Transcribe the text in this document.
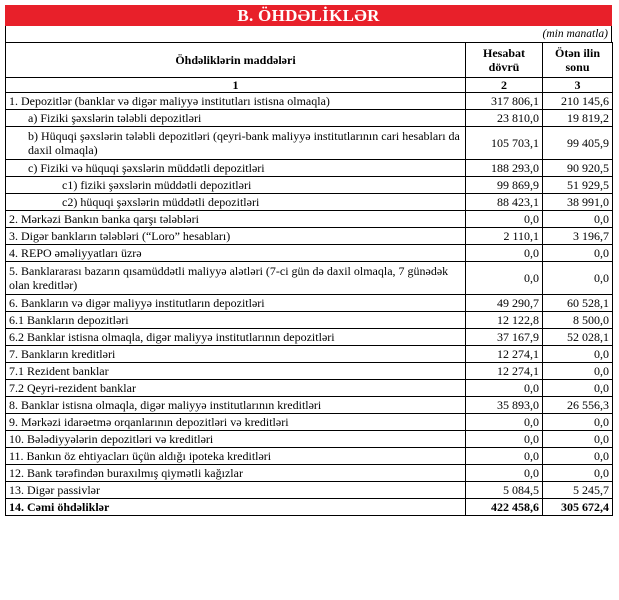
B. ÖHDƏLİKLƏR
(min manatla)
Öhdəliklərin maddələri	Hesabat dövrü	Ötən ilin sonu
1	2	3
1. Depozitlər (banklar və digər maliyyə institutları istisna olmaqla)	317 806,1	210 145,6
a) Fiziki şəxslərin tələbli depozitləri	23 810,0	19 819,2
b) Hüquqi şəxslərin tələbli depozitləri (qeyri-bank maliyyə institutlarının cari hesabları da daxil olmaqla)	105 703,1	99 405,9
c) Fiziki və hüquqi şəxslərin müddətli depozitləri	188 293,0	90 920,5
c1) fiziki şəxslərin müddətli depozitləri	99 869,9	51 929,5
c2) hüquqi şəxslərin müddətli depozitləri	88 423,1	38 991,0
2. Mərkəzi Bankın banka qarşı tələbləri	0,0	0,0
3. Digər bankların tələbləri (“Loro” hesabları)	2 110,1	3 196,7
4. REPO əməliyyatları üzrə	0,0	0,0
5. Banklararası bazarın qısamüddətli maliyyə alətləri (7-ci gün də daxil olmaqla, 7 günədək olan kreditlər)	0,0	0,0
6. Bankların və digər maliyyə institutların depozitləri	49 290,7	60 528,1
6.1 Bankların depozitləri	12 122,8	8 500,0
6.2 Banklar istisna olmaqla, digər maliyyə institutlarının depozitləri	37 167,9	52 028,1
7. Bankların kreditləri	12 274,1	0,0
7.1 Rezident banklar	12 274,1	0,0
7.2 Qeyri-rezident banklar	0,0	0,0
8. Banklar istisna olmaqla, digər maliyyə institutlarının kreditləri	35 893,0	26 556,3
9. Mərkəzi idarəetmə orqanlarının depozitləri və kreditləri	0,0	0,0
10. Bələdiyyələrin depozitləri və kreditləri	0,0	0,0
11. Bankın öz ehtiyacları üçün aldığı ipoteka kreditləri	0,0	0,0
12. Bank tərəfindən buraxılmış qiymətli kağızlar	0,0	0,0
13. Digər passivlər	5 084,5	5 245,7
14. Cəmi öhdəliklər	422 458,6	305 672,4
